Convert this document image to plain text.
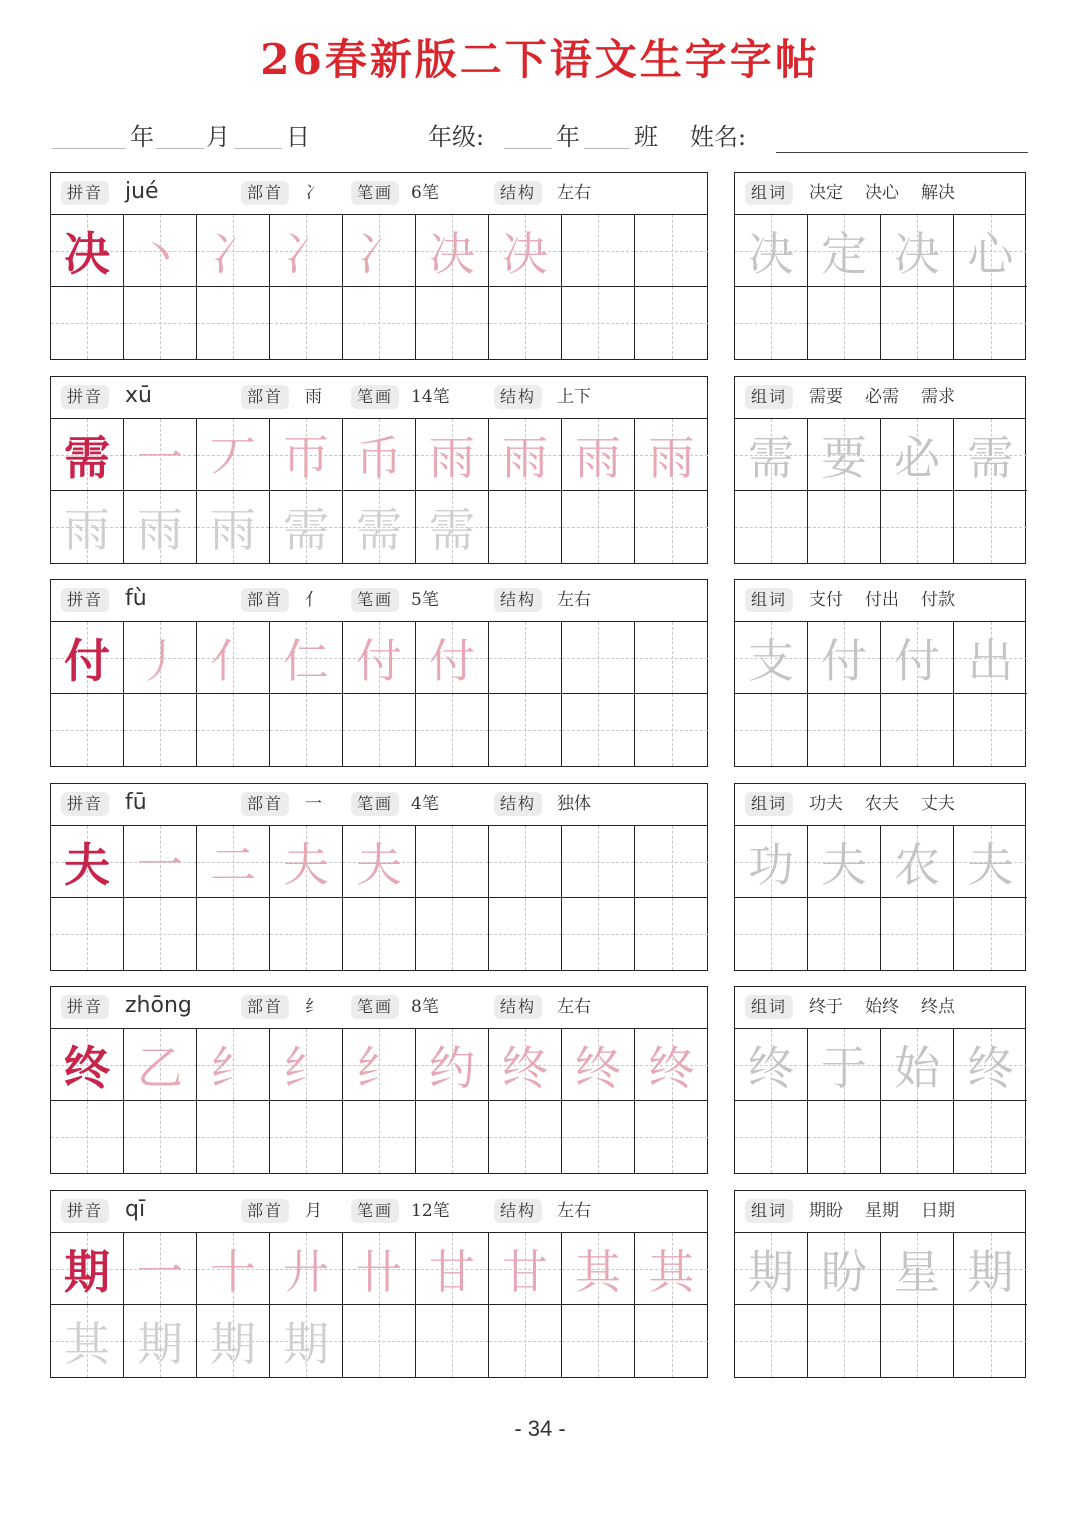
26春新版二下语文生字字帖
年 月 日	年级:	年 班 姓名:
拼音 jué	部首	冫	笔画	6笔	结构	左右
决 丶 冫 冫 冫 决 决
组词	决定 决心 解决
决 定 决 心
拼音 xū	部首	雨	笔画	14笔	结构	上下
需 一 丆 帀 币 雨 雨 雨 雨
雨 雨 雨 需 需 需
组词	需要 必需 需求
需 要 必 需
拼音 fù	部首	亻	笔画	5笔	结构	左右
付 丿 亻 仁 付 付
组词	支付 付出 付款
支 付 付 出
拼音 fū	部首	一	笔画	4笔	结构	独体
夫 一 二 夫 夫
组词	功夫 农夫 丈夫
功 夫 农 夫
拼音 zhōng	部首	纟	笔画	8笔	结构	左右
终 乙 纟 纟 纟 约 终 终 终
组词	终于 始终 终点
终 于 始 终
拼音 qī	部首	月	笔画	12笔	结构	左右
期 一 十 廾 卄 甘 甘 其 其
其 期 期 期
组词	期盼 星期 日期
期 盼 星 期
- 34 -
